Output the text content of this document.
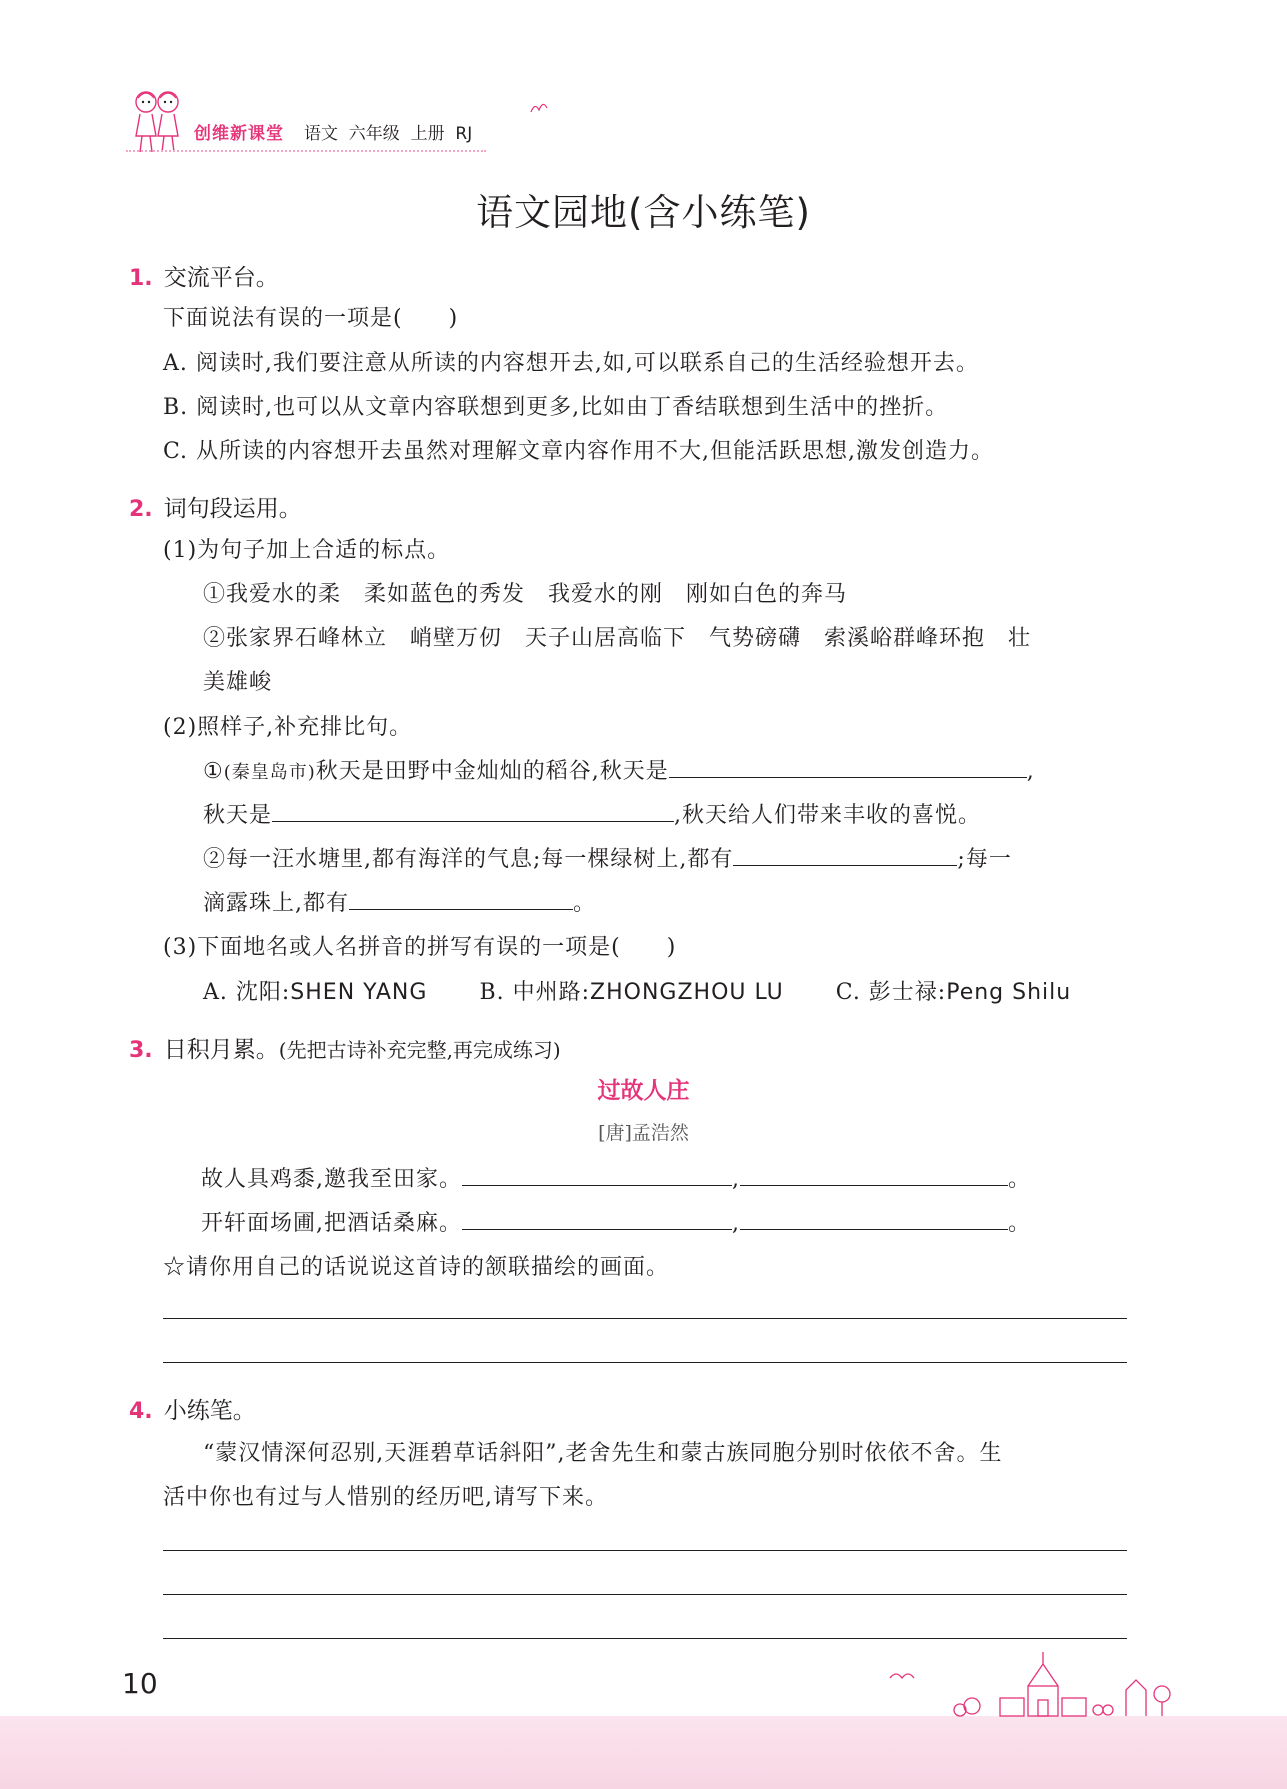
创维新课堂 语文  六年级  上册  RJ
语文园地(含小练笔)
1. 交流平台。
下面说法有误的一项是(　　)
A. 阅读时,我们要注意从所读的内容想开去,如,可以联系自己的生活经验想开去。
B. 阅读时,也可以从文章内容联想到更多,比如由丁香结联想到生活中的挫折。
C. 从所读的内容想开去虽然对理解文章内容作用不大,但能活跃思想,激发创造力。
2. 词句段运用。
(1)为句子加上合适的标点。
①我爱水的柔　柔如蓝色的秀发　我爱水的刚　刚如白色的奔马
②张家界石峰林立　峭壁万仞　天子山居高临下　气势磅礴　索溪峪群峰环抱　壮
美雄峻
(2)照样子,补充排比句。
①(秦皇岛市)秋天是田野中金灿灿的稻谷,秋天是	,
秋天是	,秋天给人们带来丰收的喜悦。
②每一汪水塘里,都有海洋的气息;每一棵绿树上,都有	;每一
滴露珠上,都有	。
(3)下面地名或人名拼音的拼写有误的一项是(　　)
A. 沈阳:SHEN YANG B. 中州路:ZHONGZHOU LU C. 彭士禄:Peng Shilu
3. 日积月累。(先把古诗补充完整,再完成练习)
过故人庄
[唐]孟浩然
故人具鸡黍,邀我至田家。	,	。
开轩面场圃,把酒话桑麻。	,	。
☆请你用自己的话说说这首诗的颔联描绘的画面。
4. 小练笔。
“蒙汉情深何忍别,天涯碧草话斜阳”,老舍先生和蒙古族同胞分别时依依不舍。生
活中你也有过与人惜别的经历吧,请写下来。
10
